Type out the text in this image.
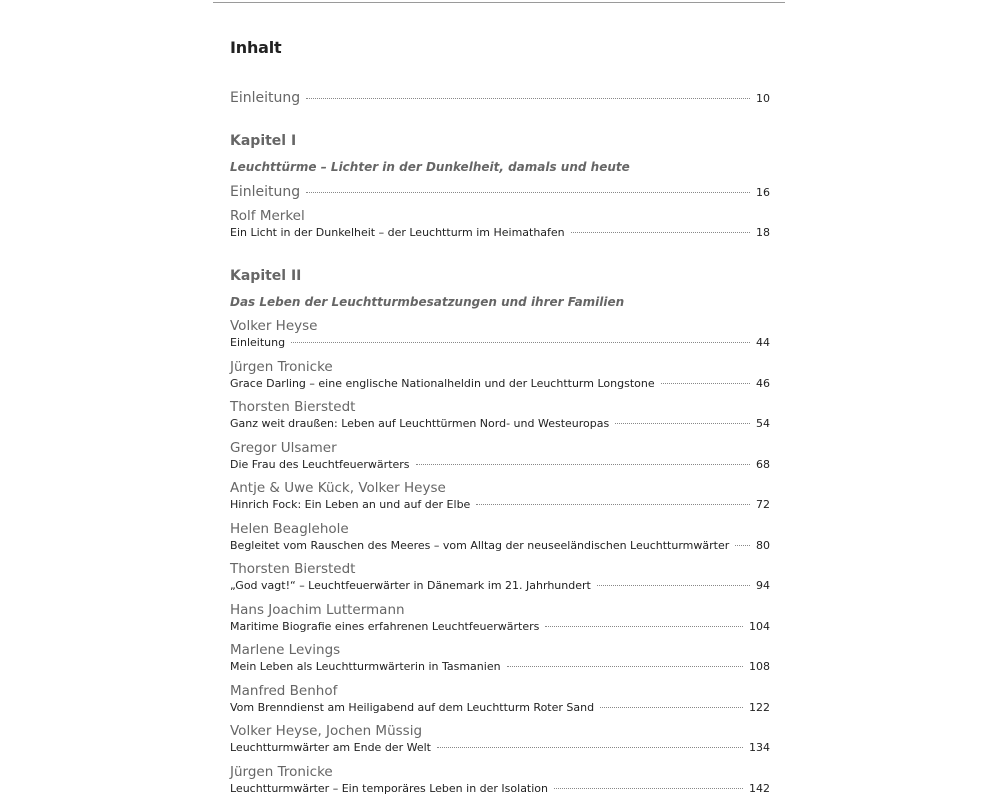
Inhalt
Einleitung	10
Kapitel I
Leuchttürme – Lichter in der Dunkelheit, damals und heute
Einleitung	16
Rolf Merkel
Ein Licht in der Dunkelheit – der Leuchtturm im Heimathafen	18
Kapitel II
Das Leben der Leuchtturmbesatzungen und ihrer Familien
Volker Heyse
Einleitung	44
Jürgen Tronicke
Grace Darling – eine englische Nationalheldin und der Leuchtturm Longstone	46
Thorsten Bierstedt
Ganz weit draußen: Leben auf Leuchttürmen Nord- und Westeuropas	54
Gregor Ulsamer
Die Frau des Leuchtfeuerwärters	68
Antje & Uwe Kück, Volker Heyse
Hinrich Fock: Ein Leben an und auf der Elbe	72
Helen Beaglehole
Begleitet vom Rauschen des Meeres – vom Alltag der neuseeländischen Leuchtturmwärter 80
Thorsten Bierstedt
„God vagt!“ – Leuchtfeuerwärter in Dänemark im 21. Jahrhundert	94
Hans Joachim Luttermann
Maritime Biografie eines erfahrenen Leuchtfeuerwärters	104
Marlene Levings
Mein Leben als Leuchtturmwärterin in Tasmanien	108
Manfred Benhof
Vom Brenndienst am Heiligabend auf dem Leuchtturm Roter Sand	122
Volker Heyse, Jochen Müssig
Leuchtturmwärter am Ende der Welt	134
Jürgen Tronicke
Leuchtturmwärter – Ein temporäres Leben in der Isolation	142
